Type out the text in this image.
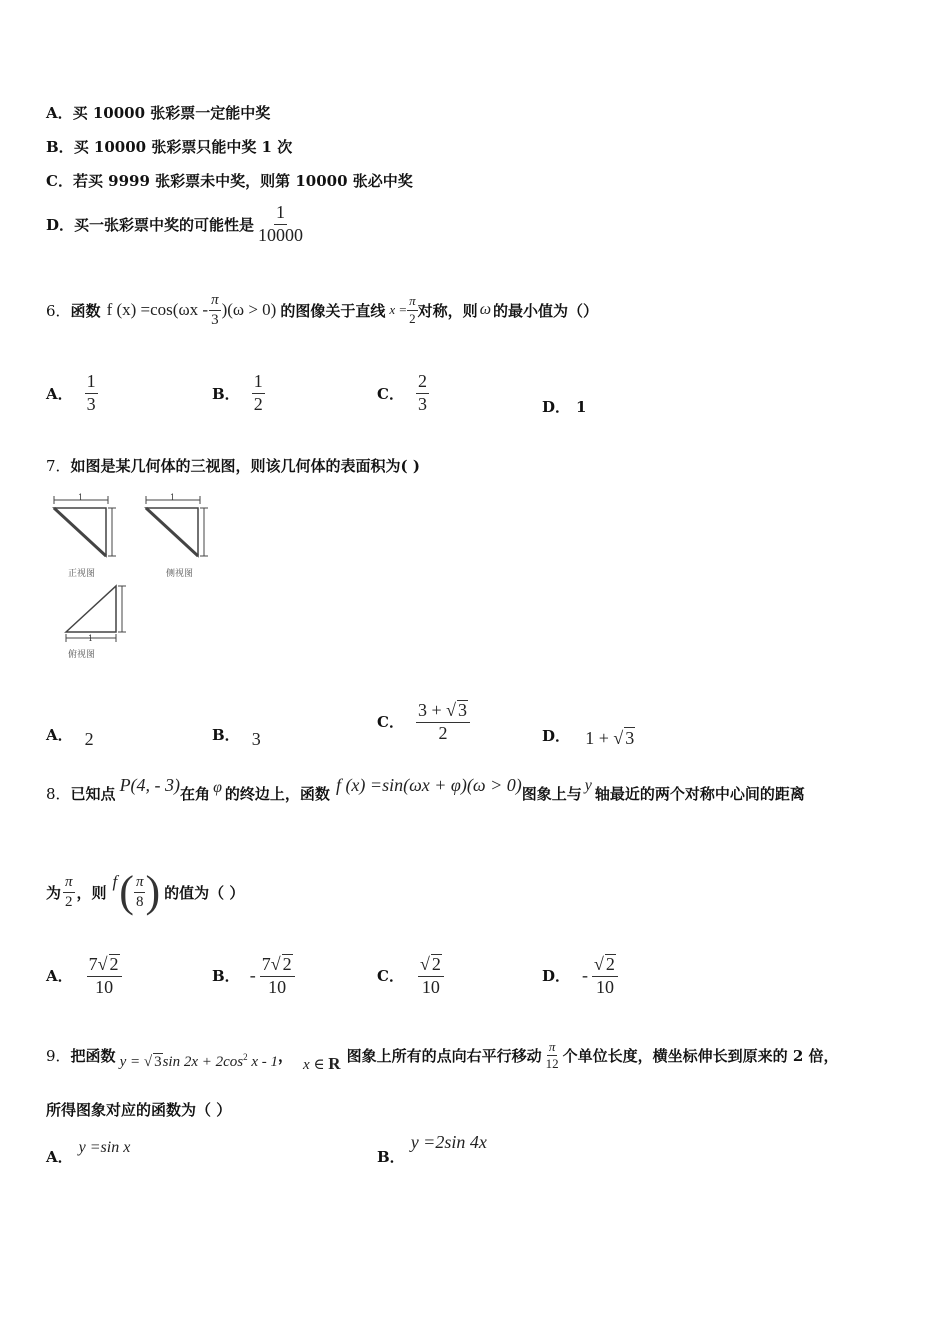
A．买 10000 张彩票一定能中奖
B．买 10000 张彩票只能中奖 1 次
C．若买 9999 张彩票未中奖，则第 10000 张必中奖
D． 买一张彩票中奖的可能性是 $\frac{1}{10000}$
6． 函数 f $(x) =\cos(\omega x - \frac{\pi}{3} )(\omega > 0)$ 的图像关于直线 $x = \frac{\pi}{2}$ 对称，则 ω 的最小值为（）
A． $\frac{1}{3}$	B． $\frac{1}{2}$	C． $\frac{2}{3}$	D． 1
7．如图是某几何体的三视图，则该几何体的表面积为( )
1
正视图
1
侧视图
1
俯视图
A． 2	B． 3
C． $\frac{3 + √ 3}{2}$	D． 1 + √ 3
8． 已知点 P(4, - 3) 在角 φ 的终边上，函数 f (x) =sin(ωx + φ)(ω > 0) 图象上与 y 轴最近的两个对称中心间的距离
为 $\frac{\pi}{2}$ ，则
f ( $\frac{\pi}{8}$ ) 的值为（ ）
A． $\frac{7√ 2}{10}$	B． - $\frac{7√ 2}{10}$	C． $\frac{√ 2}{10}$	D． - $\frac{√ 2}{10}$
9． 把函数 y = √ 3sin $2x + 2\cos^2$ x - 1 ， x ∈ R 图象上所有的点向右平行移动 $\frac{\pi}{12}$ 个单位长度，横坐标伸长到原来的 2 倍，
所得图象对应的函数为（ ）
A．y =sin x
B．y =2sin 4x
